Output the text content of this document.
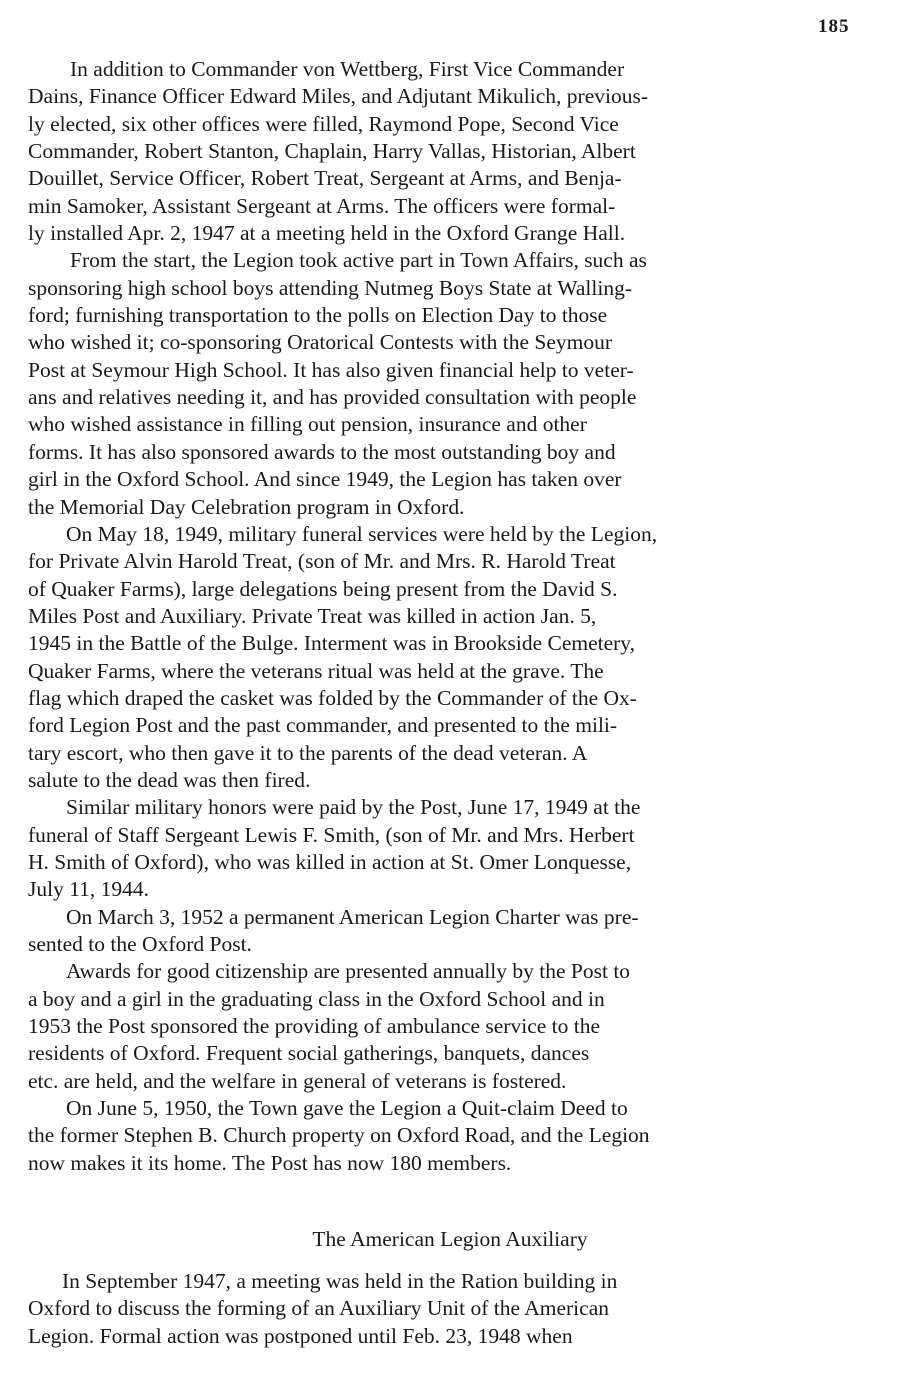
185
In addition to Commander von Wettberg, First Vice Commander
Dains, Finance Officer Edward Miles, and Adjutant Mikulich, previous-
ly elected, six other offices were filled, Raymond Pope, Second Vice
Commander, Robert Stanton, Chaplain, Harry Vallas, Historian, Albert
Douillet, Service Officer, Robert Treat, Sergeant at Arms, and Benja-
min Samoker, Assistant Sergeant at Arms. The officers were formal-
ly installed Apr. 2, 1947 at a meeting held in the Oxford Grange Hall.
From the start, the Legion took active part in Town Affairs, such as
sponsoring high school boys attending Nutmeg Boys State at Walling-
ford; furnishing transportation to the polls on Election Day to those
who wished it; co-sponsoring Oratorical Contests with the Seymour
Post at Seymour High School. It has also given financial help to veter-
ans and relatives needing it, and has provided consultation with people
who wished assistance in filling out pension, insurance and other
forms. It has also sponsored awards to the most outstanding boy and
girl in the Oxford School. And since 1949, the Legion has taken over
the Memorial Day Celebration program in Oxford.
On May 18, 1949, military funeral services were held by the Legion,
for Private Alvin Harold Treat, (son of Mr. and Mrs. R. Harold Treat
of Quaker Farms), large delegations being present from the David S.
Miles Post and Auxiliary. Private Treat was killed in action Jan. 5,
1945 in the Battle of the Bulge. Interment was in Brookside Cemetery,
Quaker Farms, where the veterans ritual was held at the grave. The
flag which draped the casket was folded by the Commander of the Ox-
ford Legion Post and the past commander, and presented to the mili-
tary escort, who then gave it to the parents of the dead veteran. A
salute to the dead was then fired.
Similar military honors were paid by the Post, June 17, 1949 at the
funeral of Staff Sergeant Lewis F. Smith, (son of Mr. and Mrs. Herbert
H. Smith of Oxford), who was killed in action at St. Omer Lonquesse,
July 11, 1944.
On March 3, 1952 a permanent American Legion Charter was pre-
sented to the Oxford Post.
Awards for good citizenship are presented annually by the Post to
a boy and a girl in the graduating class in the Oxford School and in
1953 the Post sponsored the providing of ambulance service to the
residents of Oxford. Frequent social gatherings, banquets, dances
etc. are held, and the welfare in general of veterans is fostered.
On June 5, 1950, the Town gave the Legion a Quit-claim Deed to
the former Stephen B. Church property on Oxford Road, and the Legion
now makes it its home. The Post has now 180 members.
The American Legion Auxiliary
In September 1947, a meeting was held in the Ration building in
Oxford to discuss the forming of an Auxiliary Unit of the American
Legion. Formal action was postponed until Feb. 23, 1948 when
